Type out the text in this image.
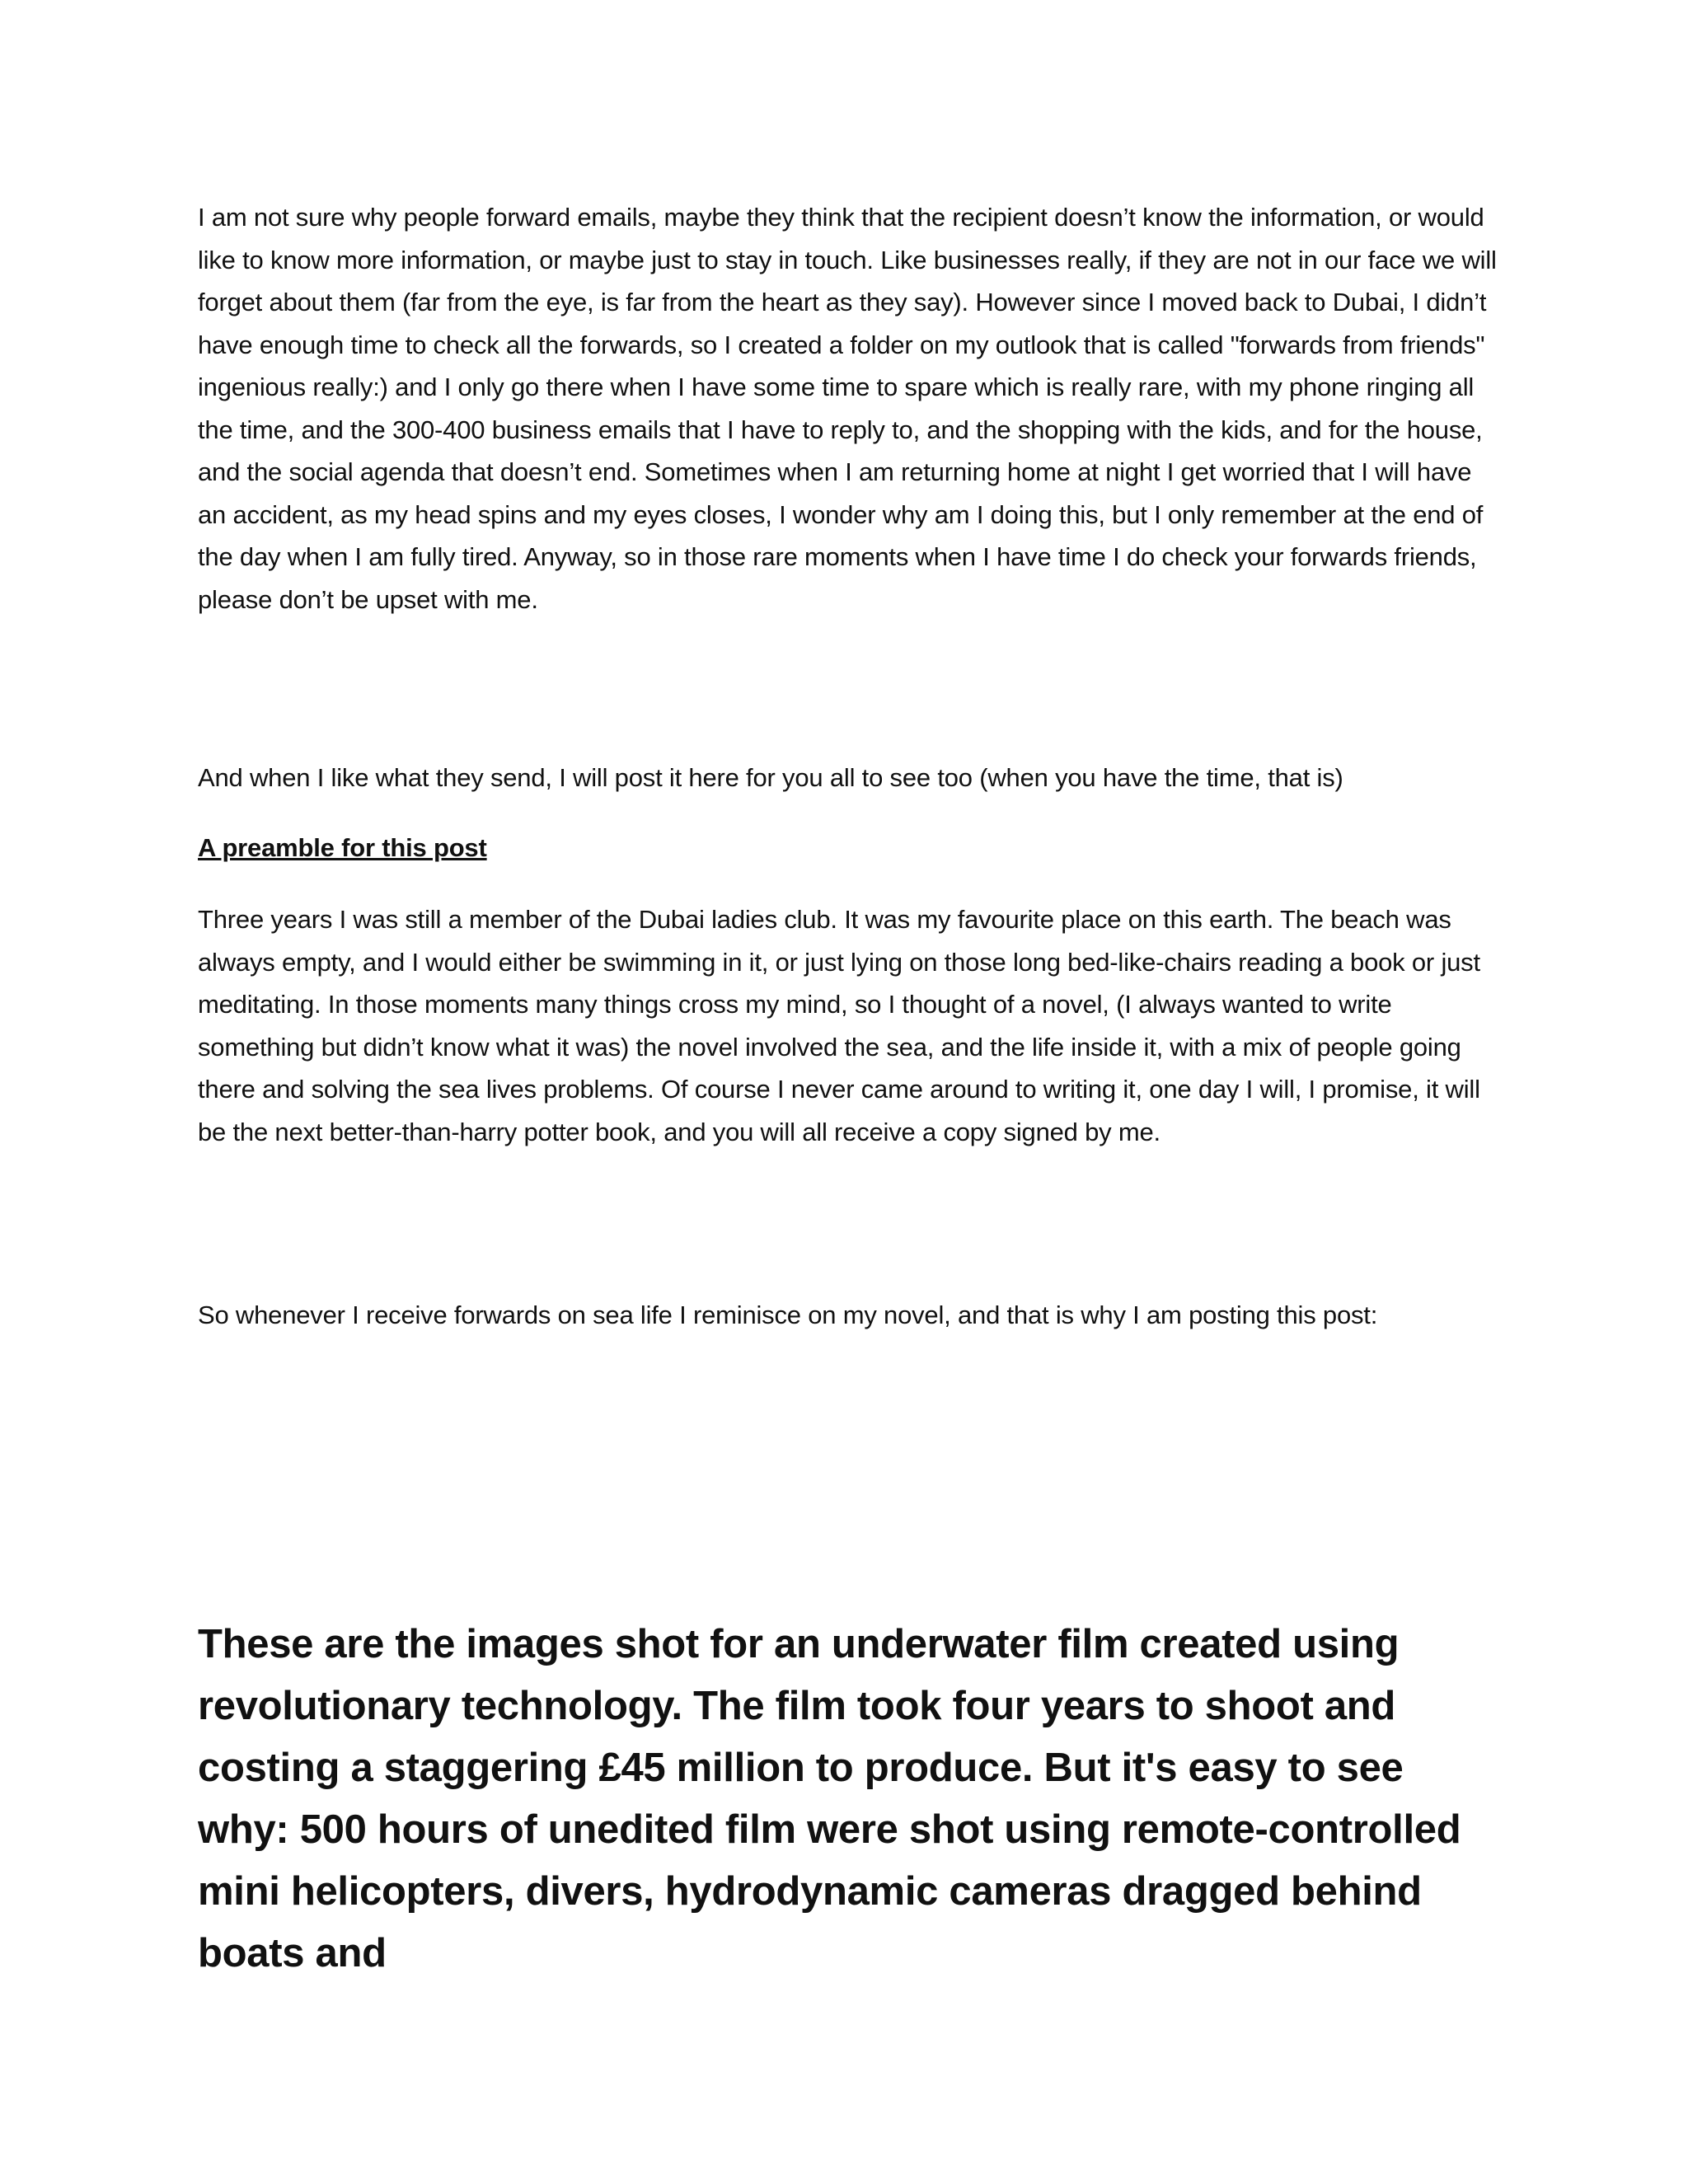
I am not sure why people forward emails, maybe they think that the recipient doesn’t know the information, or would like to know more information, or maybe just to stay in touch. Like businesses really, if they are not in our face we will forget about them (far from the eye, is far from the heart as they say). However since I moved back to Dubai, I didn’t have enough time to check all the forwards, so I created a folder on my outlook that is called "forwards from friends" ingenious really:) and I only go there when I have some time to spare which is really rare, with my phone ringing all the time, and the 300-400 business emails that I have to reply to, and the shopping with the kids, and for the house, and the social agenda that doesn’t end. Sometimes when I am returning home at night I get worried that I will have an accident, as my head spins and my eyes closes, I wonder why am I doing this, but I only remember at the end of the day when I am fully tired. Anyway, so in those rare moments when I have time I do check your forwards friends, please don’t be upset with me.

And when I like what they send, I will post it here for you all to see too (when you have the time, that is)

A preamble for this post

Three years I was still a member of the Dubai ladies club. It was my favourite place on this earth. The beach was always empty, and I would either be swimming in it, or just lying on those long bed-like-chairs reading a book or just meditating. In those moments many things cross my mind, so I thought of a novel, (I always wanted to write something but didn’t know what it was) the novel involved the sea, and the life inside it, with a mix of people going there and solving the sea lives problems. Of course I never came around to writing it, one day I will, I promise, it will be the next better-than-harry potter book, and you will all receive a copy signed by me.

So whenever I receive forwards on sea life I reminisce on my novel, and that is why I am posting this post:

These are the images shot for an underwater film created using revolutionary technology. The film took four years to shoot and costing a staggering £45 million to produce. But it's easy to see why: 500 hours of unedited film were shot using remote-controlled mini helicopters, divers, hydrodynamic cameras dragged behind boats and
